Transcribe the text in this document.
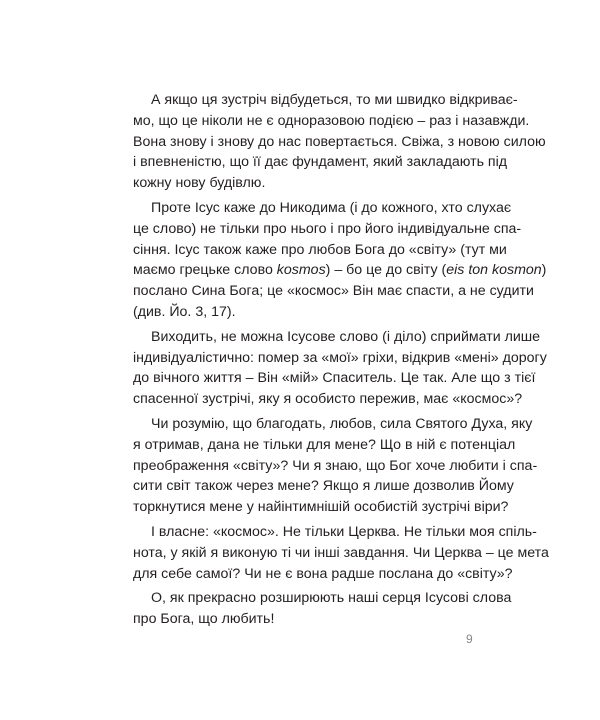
А якщо ця зустріч відбудеться, то ми швидко відкриває-
мо, що це ніколи не є одноразовою подією – раз і назавжди.
Вона знову і знову до нас повертається. Свіжа, з новою силою
і впевненістю, що її дає фундамент, який закладають під
кожну нову будівлю.
Проте Ісус каже до Никодима (і до кожного, хто слухає
це слово) не тільки про нього і про його індивідуальне спа-
сіння. Ісус також каже про любов Бога до «світу» (тут ми
маємо грецьке слово kosmos) – бо це до світу (eis ton kosmon)
послано Сина Бога; це «космос» Він має спасти, а не судити
(див. Йо. 3, 17).
Виходить, не можна Ісусове слово (і діло) сприймати лише
індивідуалістично: помер за «мої» гріхи, відкрив «мені» дорогу
до вічного життя – Він «мій» Спаситель. Це так. Але що з тієї
спасенної зустрічі, яку я особисто пережив, має «космос»?
Чи розумію, що благодать, любов, сила Святого Духа, яку
я отримав, дана не тільки для мене? Що в ній є потенціал
преображення «світу»? Чи я знаю, що Бог хоче любити і спа-
сити світ також через мене? Якщо я лише дозволив Йому
торкнутися мене у найінтимнішій особистій зустрічі віри?
І власне: «космос». Не тільки Церква. Не тільки моя спіль-
нота, у якій я виконую ті чи інші завдання. Чи Церква – це мета
для себе самої? Чи не є вона радше послана до «світу»?
О, як прекрасно розширюють наші серця Ісусові слова
про Бога, що любить!
9
